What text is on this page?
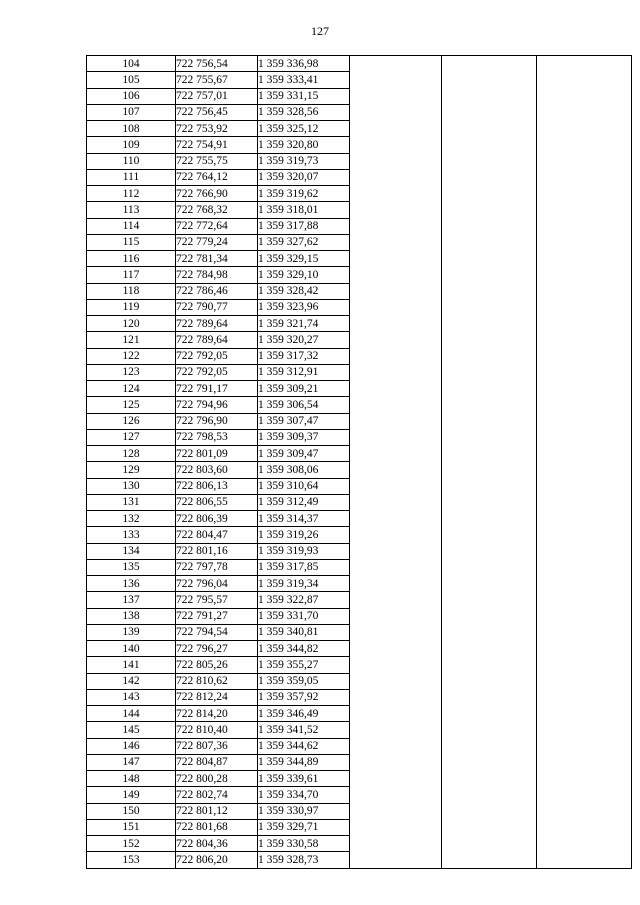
127
104	722 756,54	1 359 336,98			
105	722 755,67	1 359 333,41			
106	722 757,01	1 359 331,15			
107	722 756,45	1 359 328,56			
108	722 753,92	1 359 325,12			
109	722 754,91	1 359 320,80			
110	722 755,75	1 359 319,73			
111	722 764,12	1 359 320,07			
112	722 766,90	1 359 319,62			
113	722 768,32	1 359 318,01			
114	722 772,64	1 359 317,88			
115	722 779,24	1 359 327,62			
116	722 781,34	1 359 329,15			
117	722 784,98	1 359 329,10			
118	722 786,46	1 359 328,42			
119	722 790,77	1 359 323,96			
120	722 789,64	1 359 321,74			
121	722 789,64	1 359 320,27			
122	722 792,05	1 359 317,32			
123	722 792,05	1 359 312,91			
124	722 791,17	1 359 309,21			
125	722 794,96	1 359 306,54			
126	722 796,90	1 359 307,47			
127	722 798,53	1 359 309,37			
128	722 801,09	1 359 309,47			
129	722 803,60	1 359 308,06			
130	722 806,13	1 359 310,64			
131	722 806,55	1 359 312,49			
132	722 806,39	1 359 314,37			
133	722 804,47	1 359 319,26			
134	722 801,16	1 359 319,93			
135	722 797,78	1 359 317,85			
136	722 796,04	1 359 319,34			
137	722 795,57	1 359 322,87			
138	722 791,27	1 359 331,70			
139	722 794,54	1 359 340,81			
140	722 796,27	1 359 344,82			
141	722 805,26	1 359 355,27			
142	722 810,62	1 359 359,05			
143	722 812,24	1 359 357,92			
144	722 814,20	1 359 346,49			
145	722 810,40	1 359 341,52			
146	722 807,36	1 359 344,62			
147	722 804,87	1 359 344,89			
148	722 800,28	1 359 339,61			
149	722 802,74	1 359 334,70			
150	722 801,12	1 359 330,97			
151	722 801,68	1 359 329,71			
152	722 804,36	1 359 330,58			
153	722 806,20	1 359 328,73			
